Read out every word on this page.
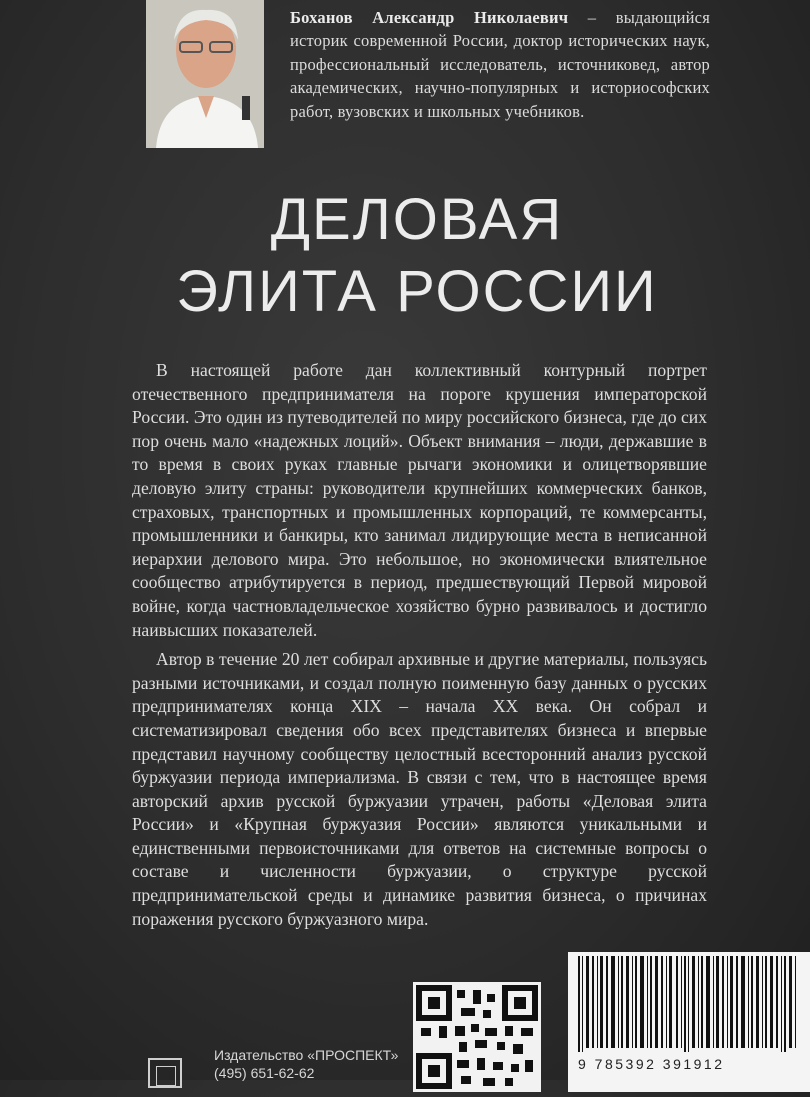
Боханов Александр Николаевич – выдающийся историк современной России, доктор исторических наук, профессиональный исследователь, источниковед, автор академических, научно-популярных и историософских работ, вузовских и школьных учебников.
ДЕЛОВАЯ
ЭЛИТА РОССИИ

В настоящей работе дан коллективный контурный портрет отечественного предпринимателя на пороге крушения императорской России. Это один из путеводителей по миру российского бизнеса, где до сих пор очень мало «надежных лоций». Объект внимания – люди, державшие в то время в своих руках главные рычаги экономики и олицетворявшие деловую элиту страны: руководители крупнейших коммерческих банков, страховых, транспортных и промышленных корпораций, те коммерсанты, промышленники и банкиры, кто занимал лидирующие места в неписанной иерархии делового мира. Это небольшое, но экономически влиятельное сообщество атрибутируется в период, предшествующий Первой мировой войне, когда частновладельческое хозяйство бурно развивалось и достигло наивысших показателей.

Автор в течение 20 лет собирал архивные и другие материалы, пользуясь разными источниками, и создал полную поименную базу данных о русских предпринимателях конца XIX – начала XX века. Он собрал и систематизировал сведения обо всех представителях бизнеса и впервые представил научному сообществу целостный всесторонний анализ русской буржуазии периода империализма. В связи с тем, что в настоящее время авторский архив русской буржуазии утрачен, работы «Деловая элита России» и «Крупная буржуазия России» являются уникальными и единственными первоисточниками для ответов на системные вопросы о составе и численности буржуазии, о структуре русской предпринимательской среды и динамике развития бизнеса, о причинах поражения русского буржуазного мира.

Издательство «ПРОСПЕКТ»
(495) 651-62-62
9 785392 391912
